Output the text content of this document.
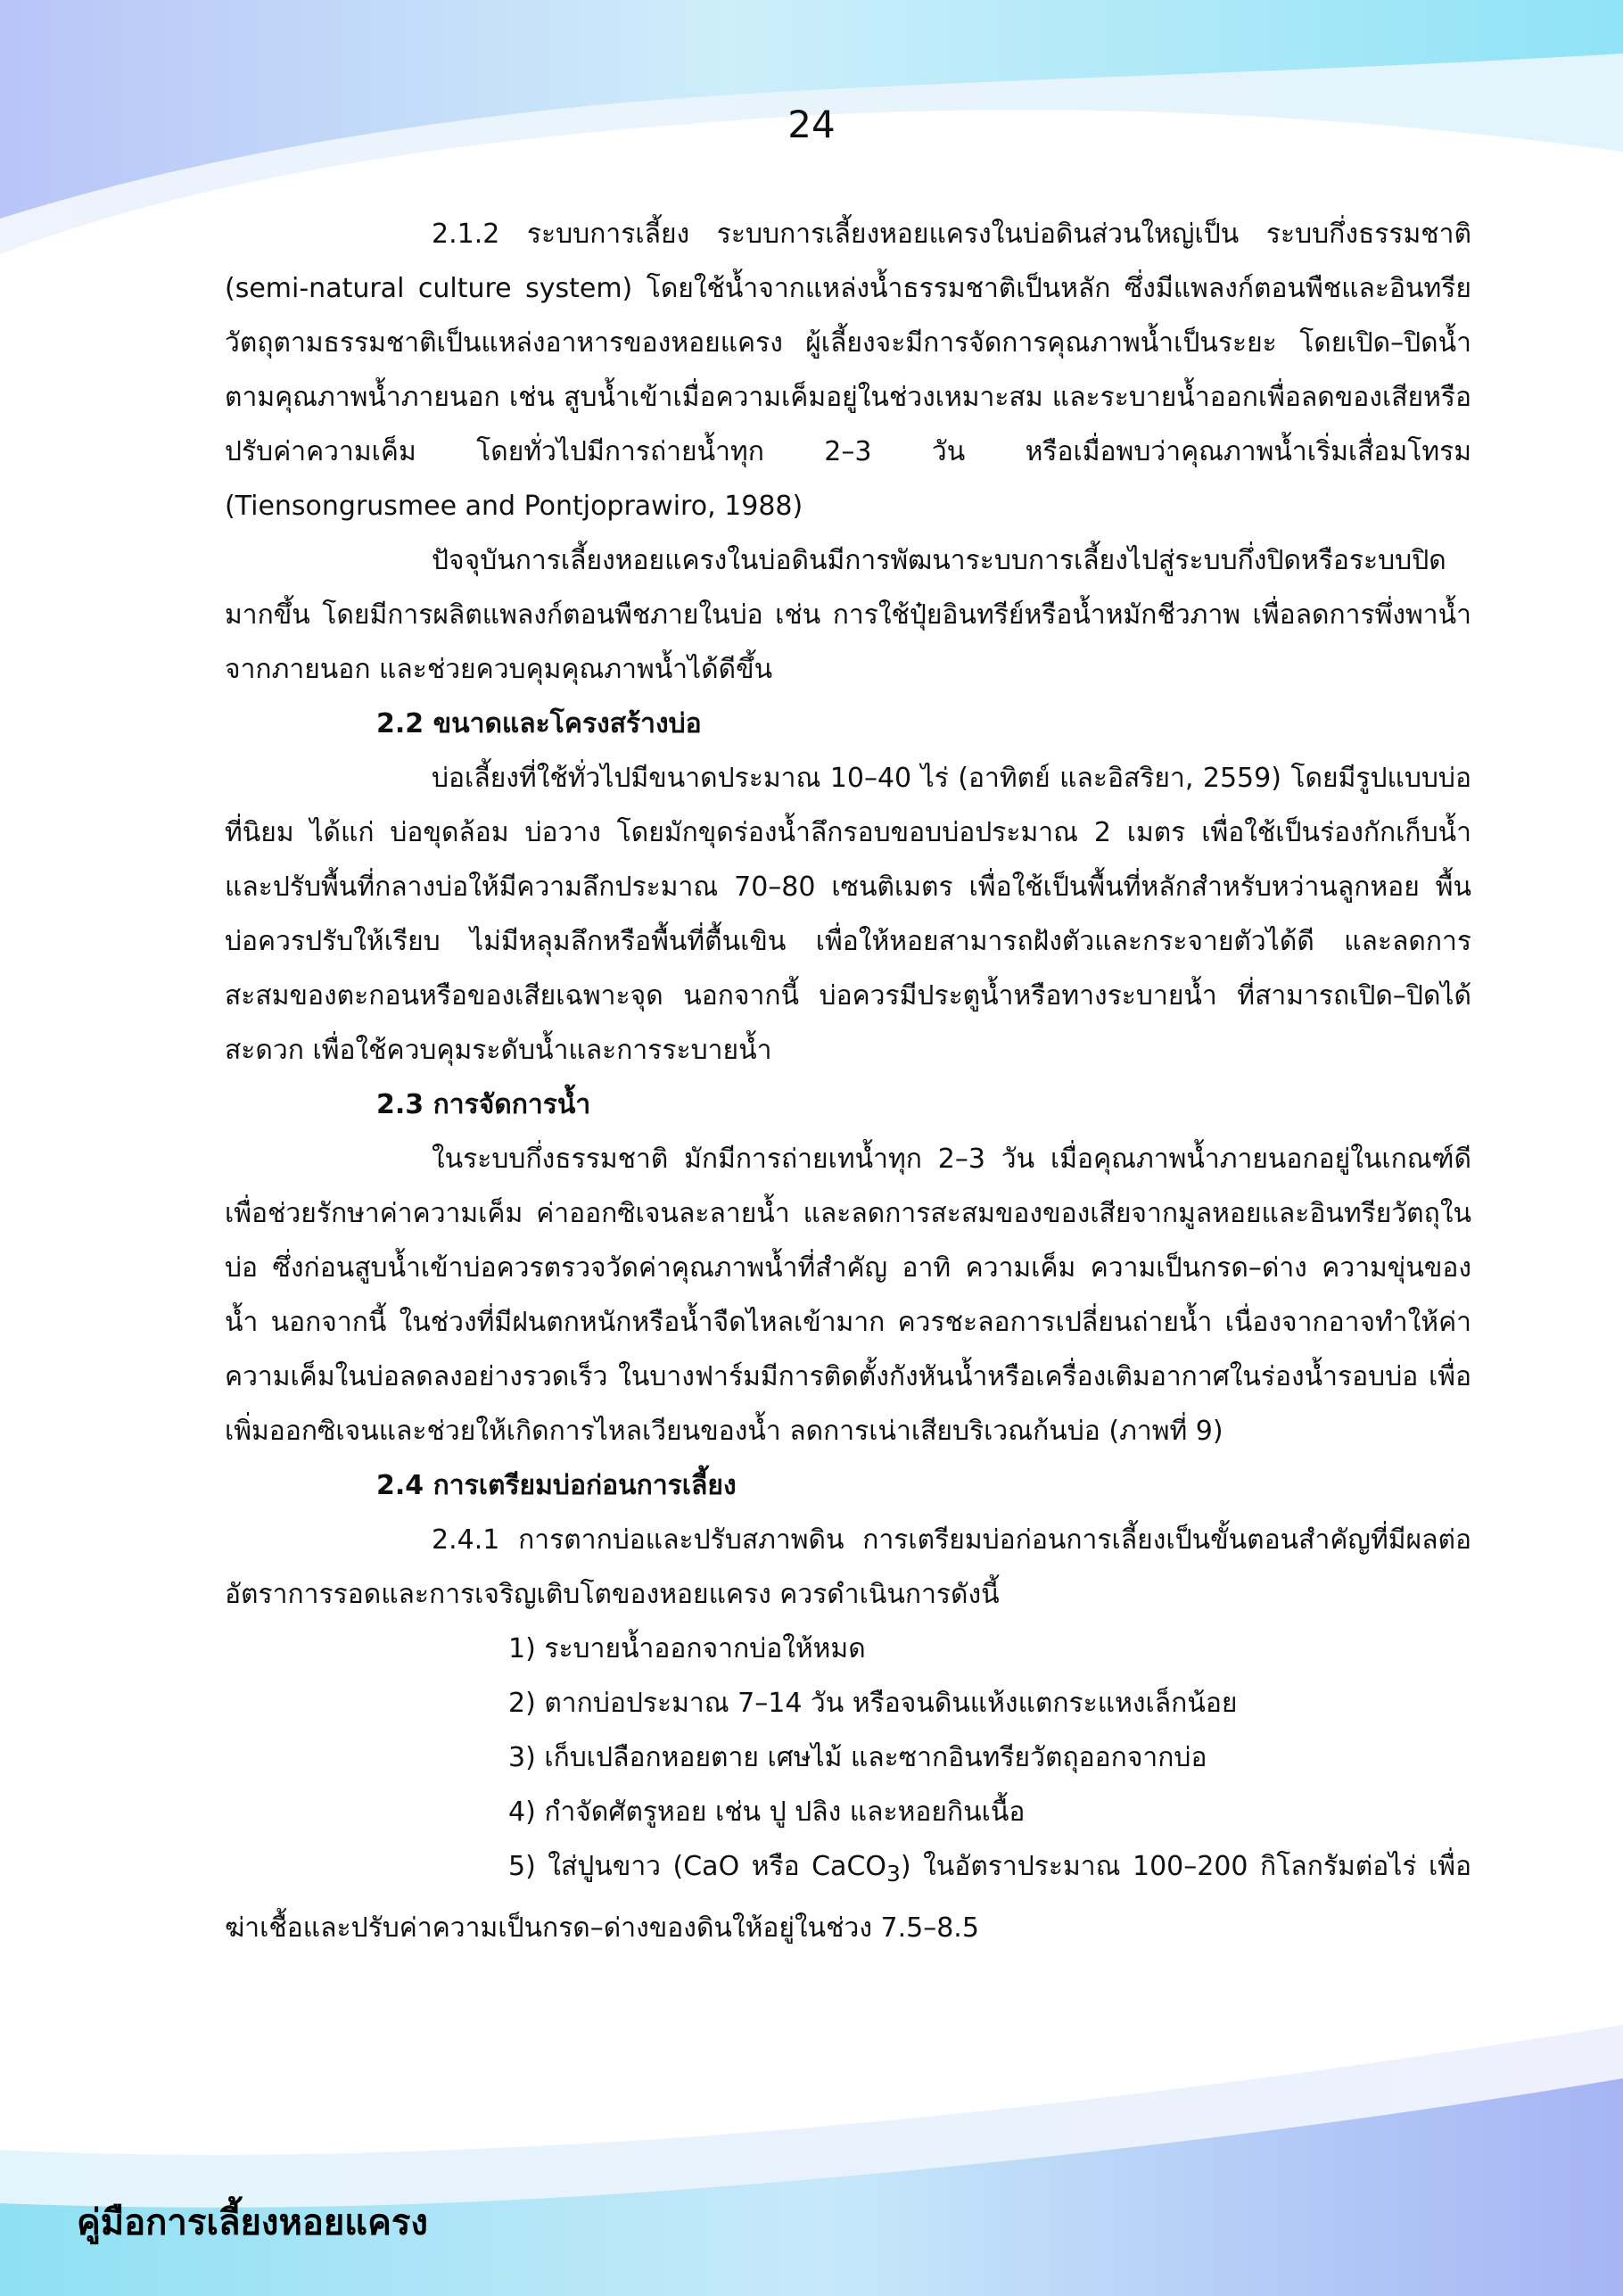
24

2.1.2 ระบบการเลี้ยง ระบบการเลี้ยงหอยแครงในบ่อดินส่วนใหญ่เป็น ระบบกึ่งธรรมชาติ (semi-natural culture system) โดยใช้น้ำจากแหล่งน้ำธรรมชาติเป็นหลัก ซึ่งมีแพลงก์ตอนพืชและอินทรียวัตถุตามธรรมชาติเป็นแหล่งอาหารของหอยแครง ผู้เลี้ยงจะมีการจัดการคุณภาพน้ำเป็นระยะ โดยเปิด–ปิดน้ำตามคุณภาพน้ำภายนอก เช่น สูบน้ำเข้าเมื่อความเค็มอยู่ในช่วงเหมาะสม และระบายน้ำออกเพื่อลดของเสียหรือปรับค่าความเค็ม โดยทั่วไปมีการถ่ายน้ำทุก 2–3 วัน หรือเมื่อพบว่าคุณภาพน้ำเริ่มเสื่อมโทรม (Tiensongrusmee and Pontjoprawiro, 1988)

ปัจจุบันการเลี้ยงหอยแครงในบ่อดินมีการพัฒนาระบบการเลี้ยงไปสู่ระบบกึ่งปิดหรือระบบปิดมากขึ้น โดยมีการผลิตแพลงก์ตอนพืชภายในบ่อ เช่น การใช้ปุ๋ยอินทรีย์หรือน้ำหมักชีวภาพ เพื่อลดการพึ่งพาน้ำจากภายนอก และช่วยควบคุมคุณภาพน้ำได้ดีขึ้น

2.2 ขนาดและโครงสร้างบ่อ

บ่อเลี้ยงที่ใช้ทั่วไปมีขนาดประมาณ 10–40 ไร่ (อาทิตย์ และอิสริยา, 2559) โดยมีรูปแบบบ่อที่นิยม ได้แก่ บ่อขุดล้อม บ่อวาง โดยมักขุดร่องน้ำลึกรอบขอบบ่อประมาณ 2 เมตร เพื่อใช้เป็นร่องกักเก็บน้ำ และปรับพื้นที่กลางบ่อให้มีความลึกประมาณ 70–80 เซนติเมตร เพื่อใช้เป็นพื้นที่หลักสำหรับหว่านลูกหอย พื้นบ่อควรปรับให้เรียบ ไม่มีหลุมลึกหรือพื้นที่ตื้นเขิน เพื่อให้หอยสามารถฝังตัวและกระจายตัวได้ดี และลดการสะสมของตะกอนหรือของเสียเฉพาะจุด นอกจากนี้ บ่อควรมีประตูน้ำหรือทางระบายน้ำ ที่สามารถเปิด–ปิดได้สะดวก เพื่อใช้ควบคุมระดับน้ำและการระบายน้ำ

2.3 การจัดการน้ำ

ในระบบกึ่งธรรมชาติ มักมีการถ่ายเทน้ำทุก 2–3 วัน เมื่อคุณภาพน้ำภายนอกอยู่ในเกณฑ์ดี เพื่อช่วยรักษาค่าความเค็ม ค่าออกซิเจนละลายน้ำ และลดการสะสมของของเสียจากมูลหอยและอินทรียวัตถุในบ่อ ซึ่งก่อนสูบน้ำเข้าบ่อควรตรวจวัดค่าคุณภาพน้ำที่สำคัญ อาทิ ความเค็ม ความเป็นกรด–ด่าง ความขุ่นของน้ำ นอกจากนี้ ในช่วงที่มีฝนตกหนักหรือน้ำจืดไหลเข้ามาก ควรชะลอการเปลี่ยนถ่ายน้ำ เนื่องจากอาจทำให้ค่าความเค็มในบ่อลดลงอย่างรวดเร็ว ในบางฟาร์มมีการติดตั้งกังหันน้ำหรือเครื่องเติมอากาศในร่องน้ำรอบบ่อ เพื่อเพิ่มออกซิเจนและช่วยให้เกิดการไหลเวียนของน้ำ ลดการเน่าเสียบริเวณก้นบ่อ (ภาพที่ 9)

2.4 การเตรียมบ่อก่อนการเลี้ยง

2.4.1 การตากบ่อและปรับสภาพดิน การเตรียมบ่อก่อนการเลี้ยงเป็นขั้นตอนสำคัญที่มีผลต่ออัตราการรอดและการเจริญเติบโตของหอยแครง ควรดำเนินการดังนี้

1) ระบายน้ำออกจากบ่อให้หมด

2) ตากบ่อประมาณ 7–14 วัน หรือจนดินแห้งแตกระแหงเล็กน้อย

3) เก็บเปลือกหอยตาย เศษไม้ และซากอินทรียวัตถุออกจากบ่อ

4) กำจัดศัตรูหอย เช่น ปู ปลิง และหอยกินเนื้อ

5) ใส่ปูนขาว (CaO หรือ CaCO$_3$) ในอัตราประมาณ 100–200 กิโลกรัมต่อไร่ เพื่อฆ่าเชื้อและปรับค่าความเป็นกรด–ด่างของดินให้อยู่ในช่วง 7.5–8.5

คู่มือการเลี้ยงหอยแครง
